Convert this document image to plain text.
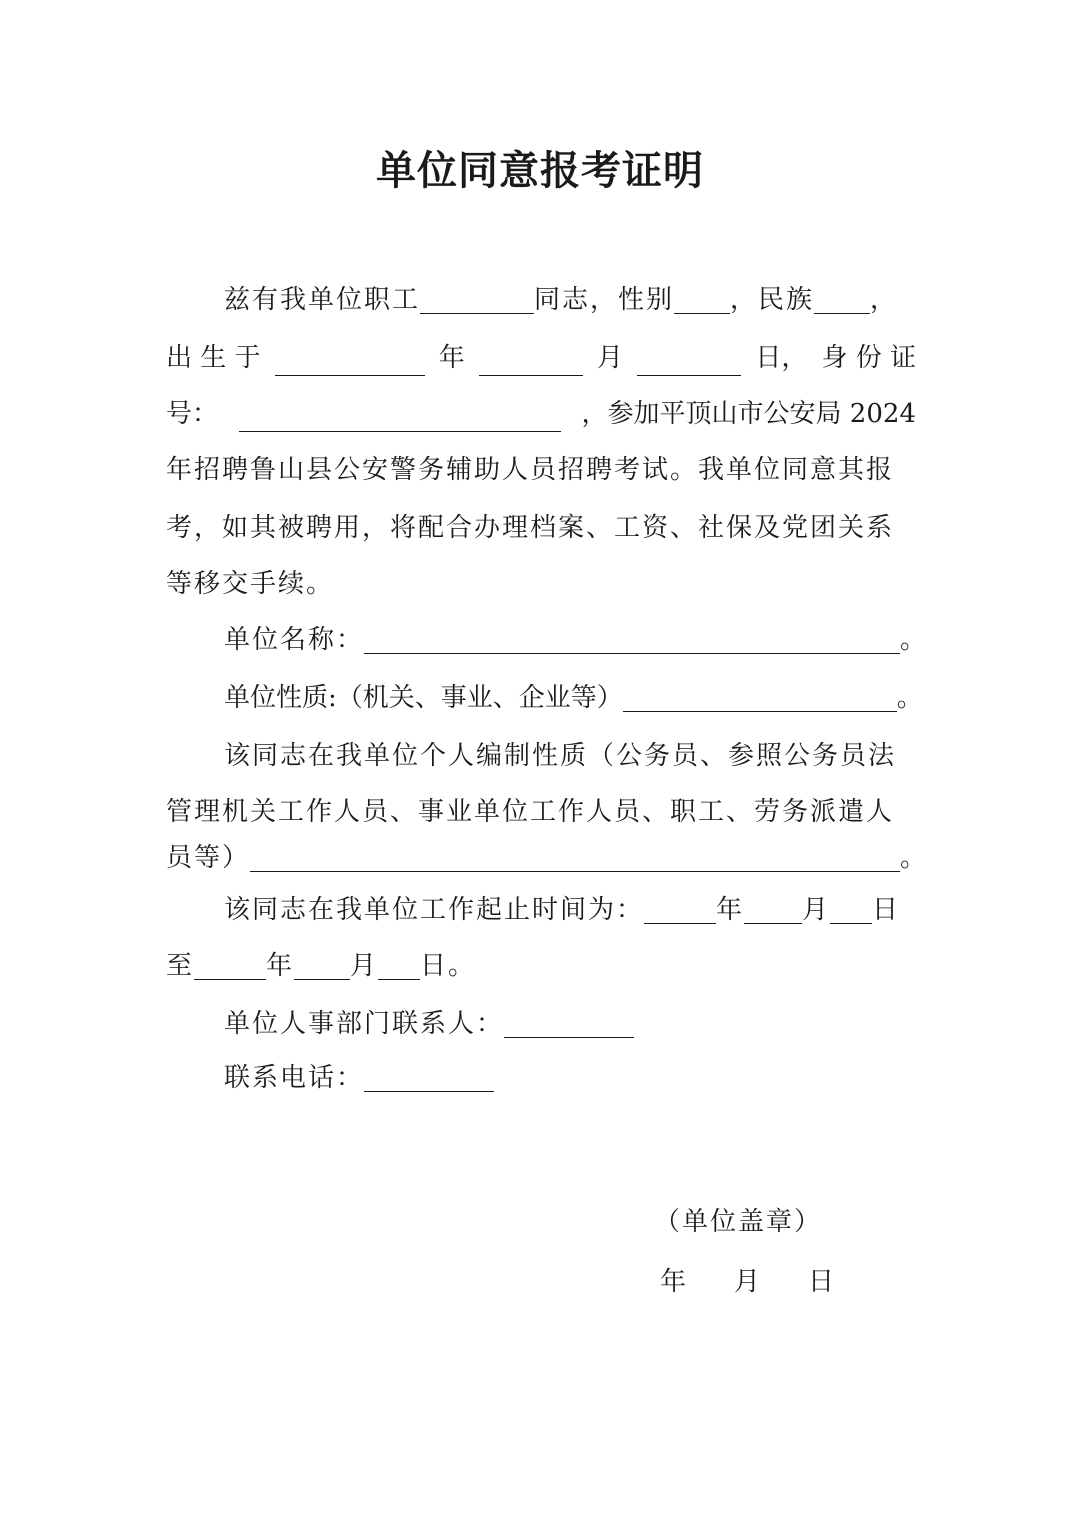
单位同意报考证明
兹有我单位职工	同志，性别 ，民族 ，
出 生 于	年	月	日， 身 份 证
号：	，参加平顶山市公安局 2024
年招聘鲁山县公安警务辅助人员招聘考试。我单位同意其报
考，如其被聘用，将配合办理档案、工资、社保及党团关系
等移交手续。
单位名称：	。
单位性质:（机关、事业、企业等）	。
该同志在我单位个人编制性质（公务员、参照公务员法
管理机关工作人员、事业单位工作人员、职工、劳务派遣人
员等）	。
该同志在我单位工作起止时间为：	年 月 日
至	年 月 日。
单位人事部门联系人：
联系电话：
（单位盖章）
年 月 日
